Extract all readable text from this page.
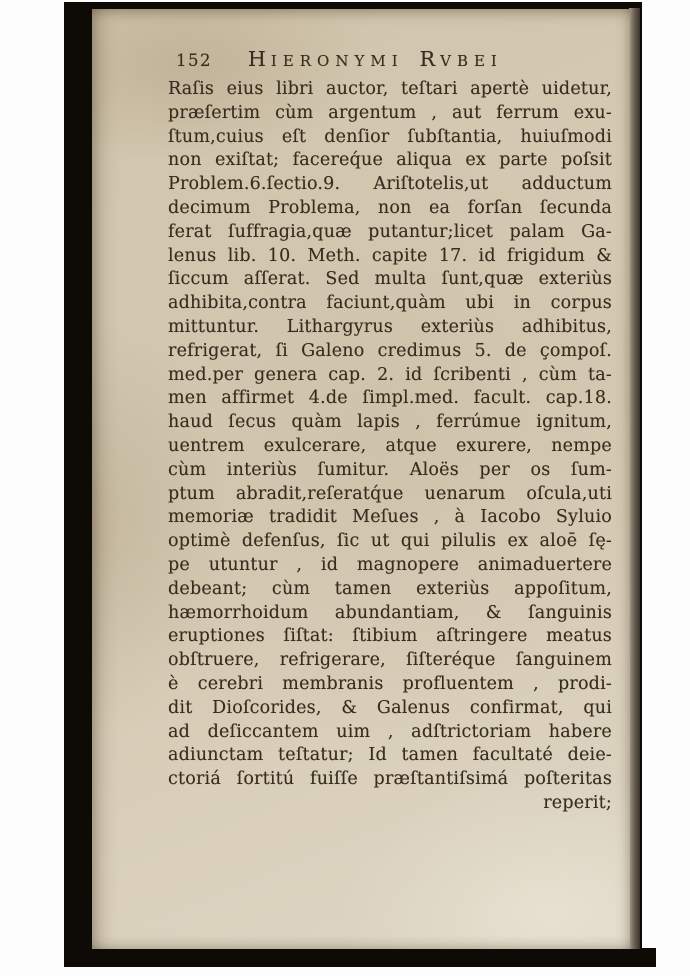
152 HIERONYMI RVBEI
Raſis eius libri auctor, teſtari apertè uidetur,
præſertim cùm argentum , aut ferrum exu-
ſtum,cuius eſt denſior ſubſtantia, huiuſmodi
non exiſtat; facereq́ue aliqua ex parte poſsit
Problem.6.ſectio.9. Ariſtotelis,ut adductum
decimum Problema, non ea forſan ſecunda
ferat ſuffragia,quæ putantur;licet palam Ga-
lenus lib. 10. Meth. capite 17. id frigidum &
ſiccum aſſerat. Sed multa ſunt,quæ exteriùs
adhibita,contra faciunt,quàm ubi in corpus
mittuntur. Lithargyrus exteriùs adhibitus,
refrigerat, ſi Galeno credimus 5. de çompoſ.
med.per genera cap. 2. id ſcribenti , cùm ta-
men affirmet 4.de ſimpl.med. facult. cap.18.
haud ſecus quàm lapis , ferrúmue ignitum,
uentrem exulcerare, atque exurere, nempe
cùm interiùs ſumitur. Aloës per os ſum-
ptum abradit,reſeratq́ue uenarum oſcula,uti
memoriæ tradidit Meſues , à Iacobo Syluio
optimè defenſus, ſic ut qui pilulis ex aloē ſę-
pe utuntur , id magnopere animaduertere
debeant; cùm tamen exteriùs appoſitum,
hæmorrhoidum abundantiam, & ſanguinis
eruptiones ſiſtat: ſtibium aſtringere meatus
obſtruere, refrigerare, ſiſteréque ſanguinem
è cerebri membranis profluentem , prodi-
dit Dioſcorides, & Galenus confirmat, qui
ad deſiccantem uim , adſtrictoriam habere
adiunctam teſtatur; Id tamen facultaté deie-
ctoriá ſortitú fuiſſe præſtantiſsimá poſteritas
reperit;
